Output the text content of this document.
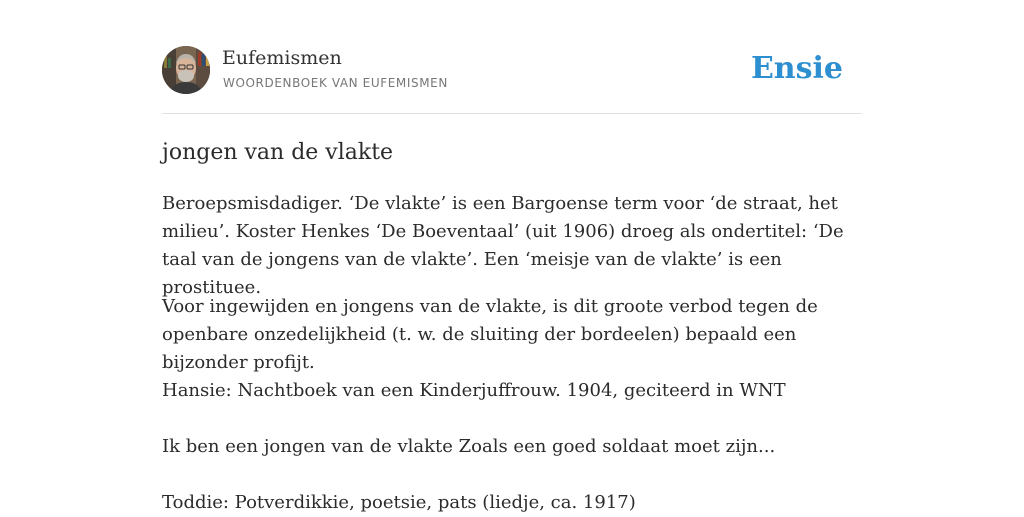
Eufemismen
WOORDENBOEK VAN EUFEMISMEN	Ensie
jongen van de vlakte

Beroepsmisdadiger. ‘De vlakte’ is een Bargoense term voor ‘de straat, het milieu’. Koster Henkes ‘De Boeventaal’ (uit 1906) droeg als ondertitel: ‘De taal van de jongens van de vlakte’. Een ‘meisje van de vlakte’ is een prostituee.

Voor ingewijden en jongens van de vlakte, is dit groote verbod tegen de openbare onzedelijkheid (t. w. de sluiting der bordeelen) bepaald een bijzonder profijt.

Hansie: Nachtboek van een Kinderjuffrouw. 1904, geciteerd in WNT

Ik ben een jongen van de vlakte Zoals een goed soldaat moet zijn...

Toddie: Potverdikkie, poetsie, pats (liedje, ca. 1917)
